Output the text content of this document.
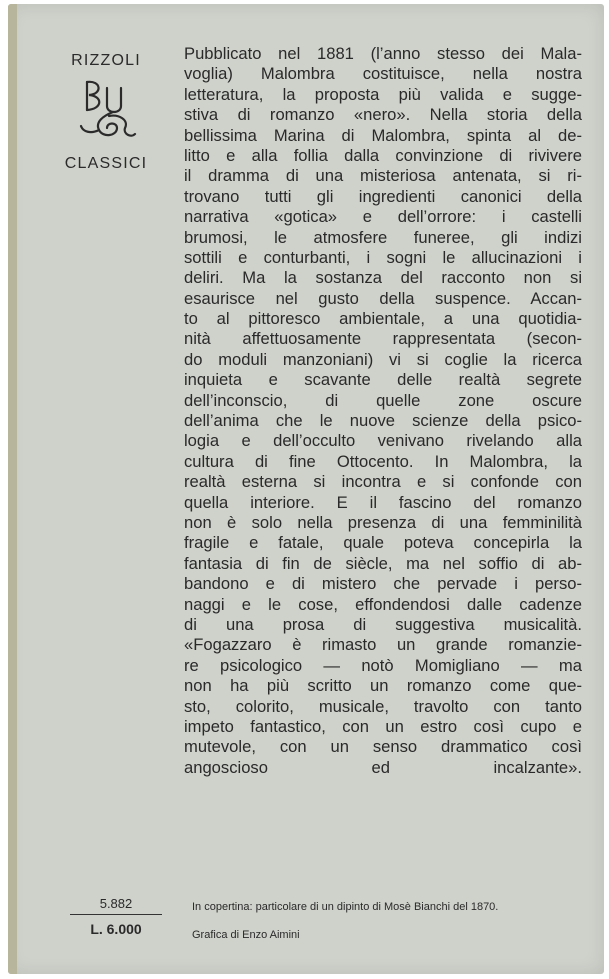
RIZZOLI
CLASSICI
Pubblicato nel 1881 (l’anno stesso dei Mala-
voglia) Malombra costituisce, nella nostra
letteratura, la proposta più valida e sugge-
stiva di romanzo «nero». Nella storia della
bellissima Marina di Malombra, spinta al de-
litto e alla follia dalla convinzione di rivivere
il dramma di una misteriosa antenata, si ri-
trovano tutti gli ingredienti canonici della
narrativa «gotica» e dell’orrore: i castelli
brumosi, le atmosfere funeree, gli indizi
sottili e conturbanti, i sogni le allucinazioni i
deliri. Ma la sostanza del racconto non si
esaurisce nel gusto della suspence. Accan-
to al pittoresco ambientale, a una quotidia-
nità affettuosamente rappresentata (secon-
do moduli manzoniani) vi si coglie la ricerca
inquieta e scavante delle realtà segrete
dell’inconscio, di quelle zone oscure
dell’anima che le nuove scienze della psico-
logia e dell’occulto venivano rivelando alla
cultura di fine Ottocento. In Malombra, la
realtà esterna si incontra e si confonde con
quella interiore. E il fascino del romanzo
non è solo nella presenza di una femminilità
fragile e fatale, quale poteva concepirla la
fantasia di fin de siècle, ma nel soffio di ab-
bandono e di mistero che pervade i perso-
naggi e le cose, effondendosi dalle cadenze
di una prosa di suggestiva musicalità.
«Fogazzaro è rimasto un grande romanzie-
re psicologico — notò Momigliano — ma
non ha più scritto un romanzo come que-
sto, colorito, musicale, travolto con tanto
impeto fantastico, con un estro così cupo e
mutevole, con un senso drammatico così
angoscioso ed incalzante».
5.882
L. 6.000
In copertina: particolare di un dipinto di Mosè Bianchi del 1870.
Grafica di Enzo Aimini
